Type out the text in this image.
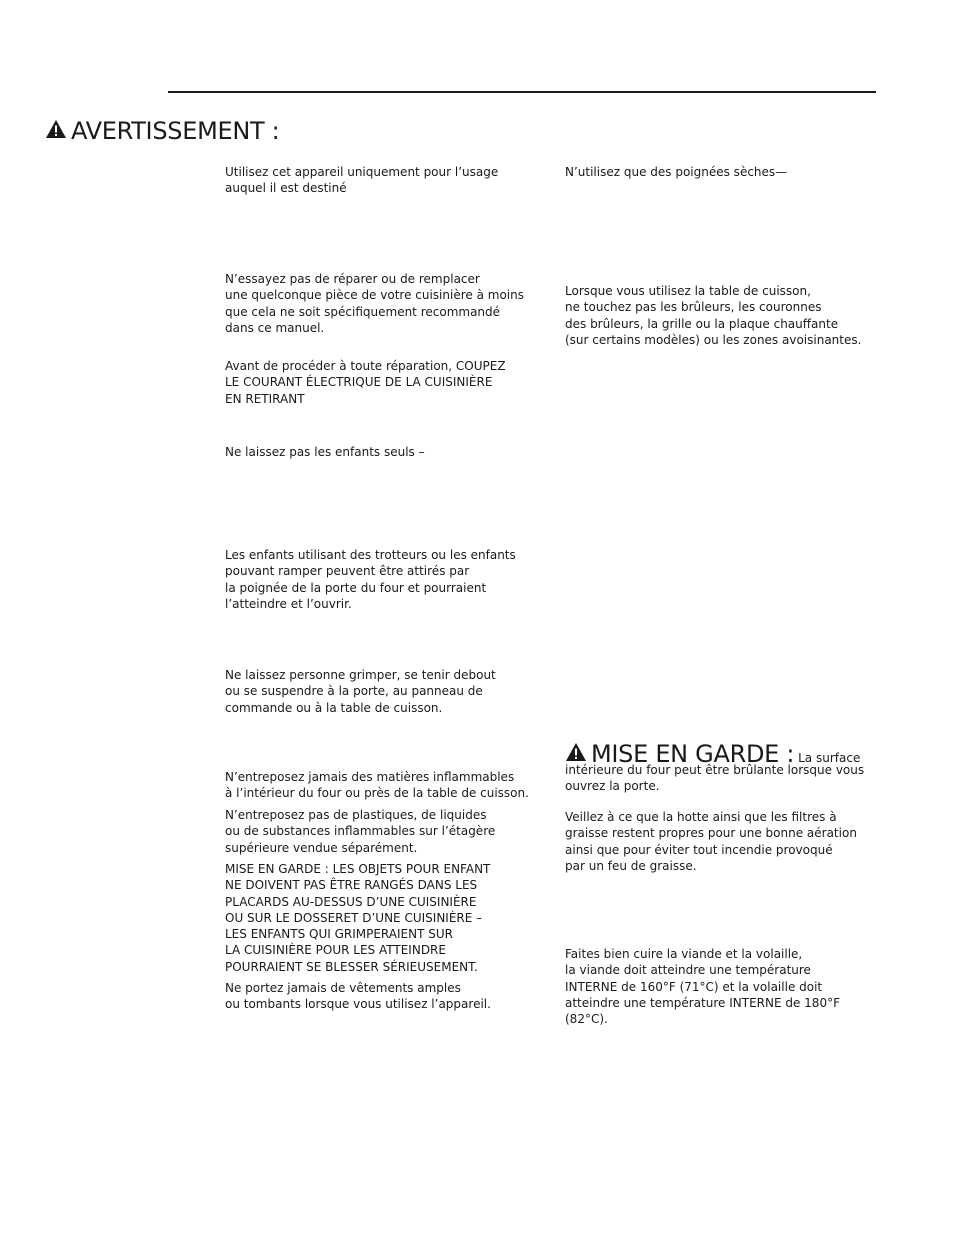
AVERTISSEMENT :
Utilisez cet appareil uniquement pour l’usage
auquel il est destiné
N’essayez pas de réparer ou de remplacer
une quelconque pièce de votre cuisinière à moins
que cela ne soit spécifiquement recommandé
dans ce manuel.
Avant de procéder à toute réparation, COUPEZ
LE COURANT ÉLECTRIQUE DE LA CUISINIÈRE
EN RETIRANT
Ne laissez pas les enfants seuls –
Les enfants utilisant des trotteurs ou les enfants
pouvant ramper peuvent être attirés par
la poignée de la porte du four et pourraient
l’atteindre et l’ouvrir.
Ne laissez personne grimper, se tenir debout
ou se suspendre à la porte, au panneau de
commande ou à la table de cuisson.
N’entreposez jamais des matières inflammables
à l’intérieur du four ou près de la table de cuisson.
N’entreposez pas de plastiques, de liquides
ou de substances inflammables sur l’étagère
supérieure vendue séparément.
MISE EN GARDE : LES OBJETS POUR ENFANT
NE DOIVENT PAS ÊTRE RANGÉS DANS LES
PLACARDS AU-DESSUS D’UNE CUISINIÈRE
OU SUR LE DOSSERET D’UNE CUISINIÈRE –
LES ENFANTS QUI GRIMPERAIENT SUR
LA CUISINIÈRE POUR LES ATTEINDRE
POURRAIENT SE BLESSER SÉRIEUSEMENT.
Ne portez jamais de vêtements amples
ou tombants lorsque vous utilisez l’appareil.
N’utilisez que des poignées sèches—
Lorsque vous utilisez la table de cuisson,
ne touchez pas les brûleurs, les couronnes
des brûleurs, la grille ou la plaque chauffante
(sur certains modèles) ou les zones avoisinantes.
MISE EN GARDE : La surface
intérieure du four peut être brûlante lorsque vous
ouvrez la porte.
Veillez à ce que la hotte ainsi que les filtres à
graisse restent propres pour une bonne aération
ainsi que pour éviter tout incendie provoqué
par un feu de graisse.
Faites bien cuire la viande et la volaille,
la viande doit atteindre une température
INTERNE de 160°F (71°C) et la volaille doit
atteindre une température INTERNE de 180°F
(82°C).
